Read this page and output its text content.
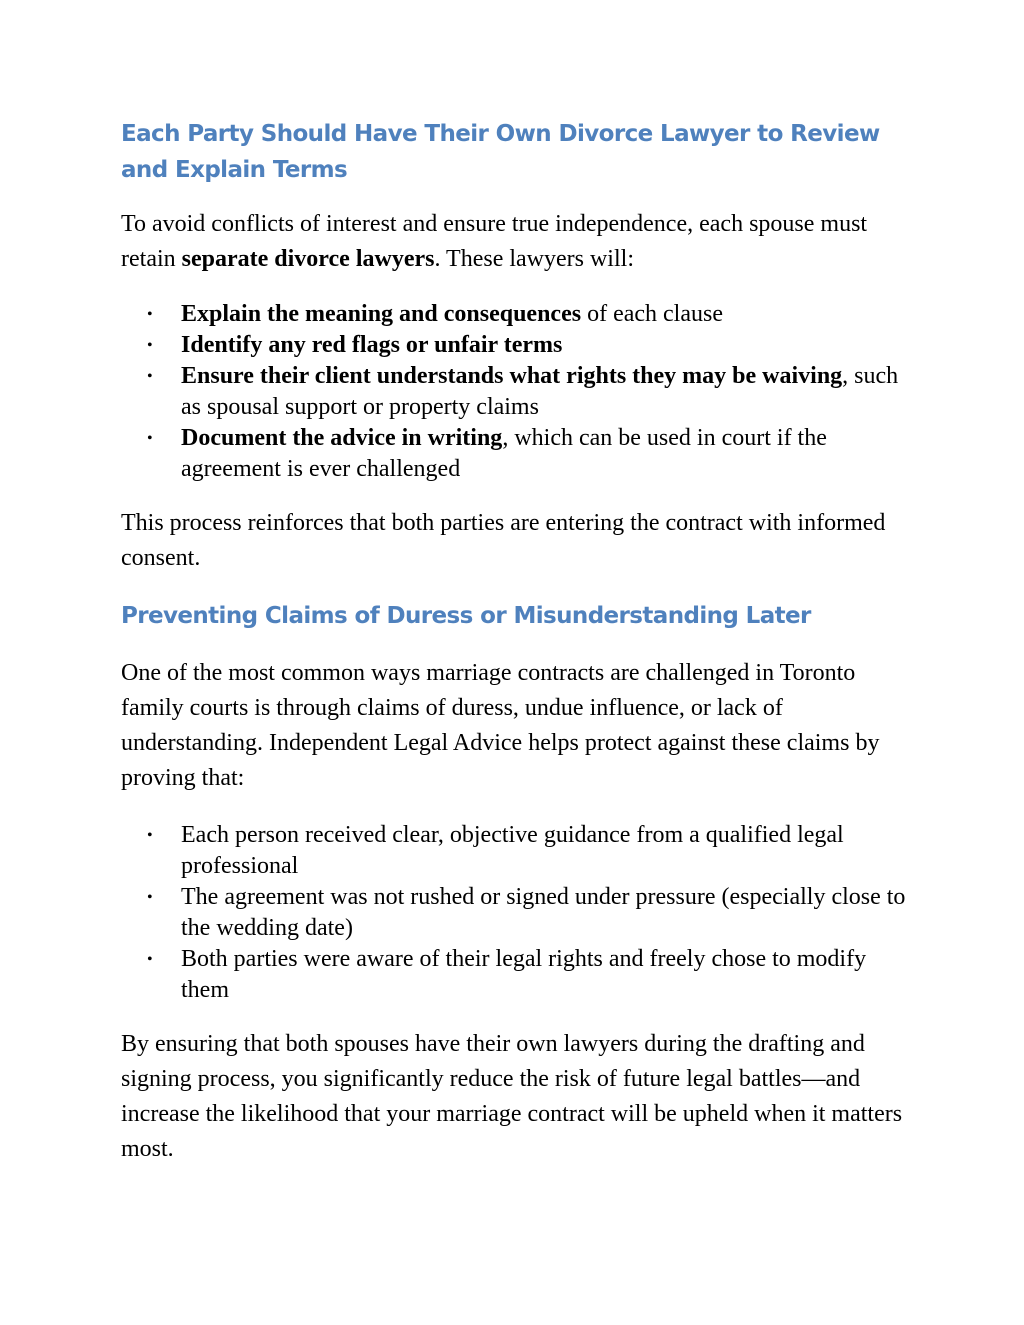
Each Party Should Have Their Own Divorce Lawyer to Review and Explain Terms

To avoid conflicts of interest and ensure true independence, each spouse must retain separate divorce lawyers. These lawyers will:

• Explain the meaning and consequences of each clause
• Identify any red flags or unfair terms
• Ensure their client understands what rights they may be waiving, such as spousal support or property claims
• Document the advice in writing, which can be used in court if the agreement is ever challenged

This process reinforces that both parties are entering the contract with informed consent.

Preventing Claims of Duress or Misunderstanding Later

One of the most common ways marriage contracts are challenged in Toronto family courts is through claims of duress, undue influence, or lack of understanding. Independent Legal Advice helps protect against these claims by proving that:

• Each person received clear, objective guidance from a qualified legal professional
• The agreement was not rushed or signed under pressure (especially close to the wedding date)
• Both parties were aware of their legal rights and freely chose to modify them

By ensuring that both spouses have their own lawyers during the drafting and signing process, you significantly reduce the risk of future legal battles—and increase the likelihood that your marriage contract will be upheld when it matters most.
